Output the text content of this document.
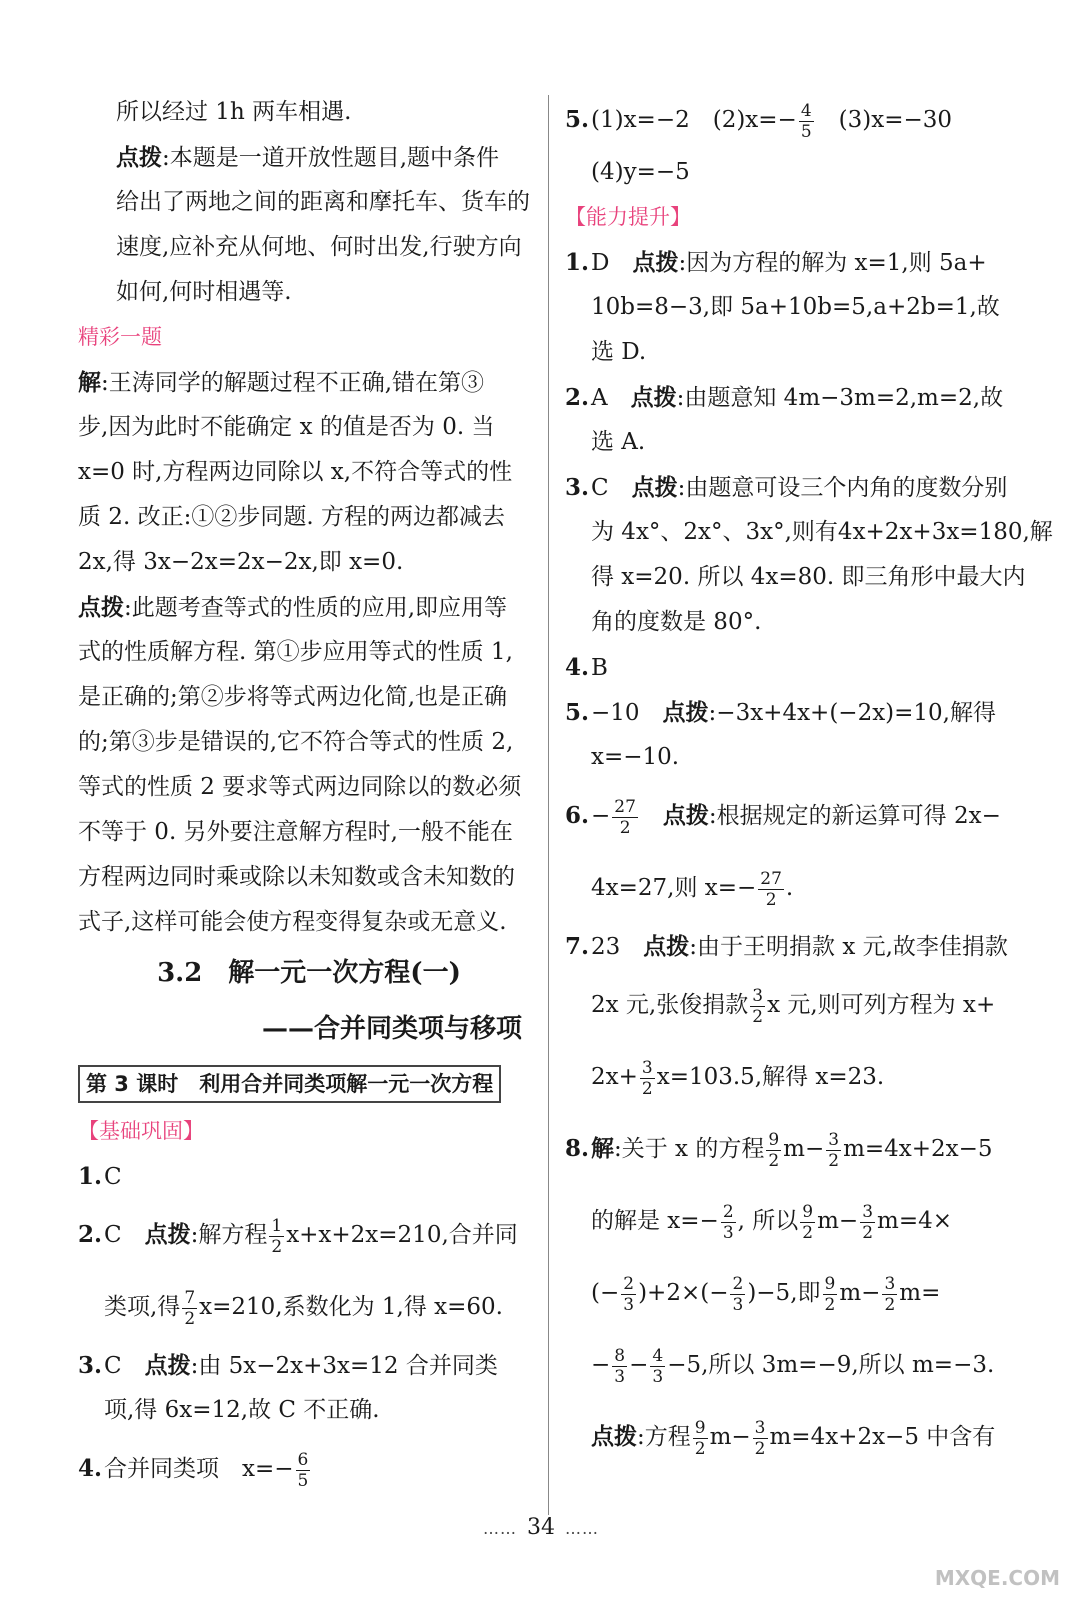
所以经过 1h 两车相遇.
点拨:本题是一道开放性题目,题中条件
给出了两地之间的距离和摩托车、货车的
速度,应补充从何地、何时出发,行驶方向
如何,何时相遇等.
精彩一题
解:王涛同学的解题过程不正确,错在第③
步,因为此时不能确定 x 的值是否为 0. 当
x=0 时,方程两边同除以 x,不符合等式的性
质 2. 改正:①②步同题. 方程的两边都减去
2x,得 3x−2x=2x−2x,即 x=0.
点拨:此题考查等式的性质的应用,即应用等
式的性质解方程. 第①步应用等式的性质 1,
是正确的;第②步将等式两边化简,也是正确
的;第③步是错误的,它不符合等式的性质 2,
等式的性质 2 要求等式两边同除以的数必须
不等于 0. 另外要注意解方程时,一般不能在
方程两边同时乘或除以未知数或含未知数的
式子,这样可能会使方程变得复杂或无意义.
3.2　解一元一次方程(一)
——合并同类项与移项
第 3 课时　利用合并同类项解一元一次方程
【基础巩固】
1.C
2.C　点拨:解方程 $\frac{1}{2} x+x+2x=210$,合并同
类项,得 $\frac{7}{2} x=210$,系数化为 1,得 x=60.
3.C　点拨:由 5x−2x+3x=12 合并同类
项,得 6x=12,故 C 不正确.
4.合并同类项　$x=- \frac{6}{5}$
5.(1)x=−2　$(2)x=- \frac{4}{5}$ 　(3)x=−30
(4)y=−5
【能力提升】
1.D　点拨:因为方程的解为 x=1,则 5a+
10b=8−3,即 5a+10b=5,a+2b=1,故
选 D.
2.A　点拨:由题意知 4m−3m=2,m=2,故
选 A.
3.C　点拨:由题意可设三个内角的度数分别
为 4x°、2x°、3x°,则有4x+2x+3x=180,解
得 x=20. 所以 4x=80. 即三角形中最大内
角的度数是 80°.
4.B
5.−10　点拨:−3x+4x+(−2x)=10,解得
x=−10.
$6.- \frac{27}{2}$
　 点拨:根据规定的新运算可得 2x−
4x=27,则 $x=- \frac{27}{2}$ .
7.23　点拨:由于王明捐款 x 元,故李佳捐款
2x 元,张俊捐款 $\frac{3}{2}$ x 元,则可列方程为 x+
$2x+ \frac{3}{2} x=103.5$,解得 x=23.
8.解:关于 x 的方程 $\frac{9}{2} m- \frac{3}{2} m=4x+2x-5$
的解是 $x=- \frac{2}{3}$ , 所以 $\frac{9}{2} m- \frac{3}{2} m=4\times$
(− $\frac{2}{3} )+2\times(- \frac{2}{3} )-5$,即 $\frac{9}{2} m- \frac{3}{2} m=$
− $\frac{8}{3} - \frac{4}{3} -5$,所以 3m=−9,所以 m=−3.
点拨:方程 $\frac{9}{2} m- \frac{3}{2} m=4x+2x-5$ 中含有
…… 34 ……
MXQE.COM
